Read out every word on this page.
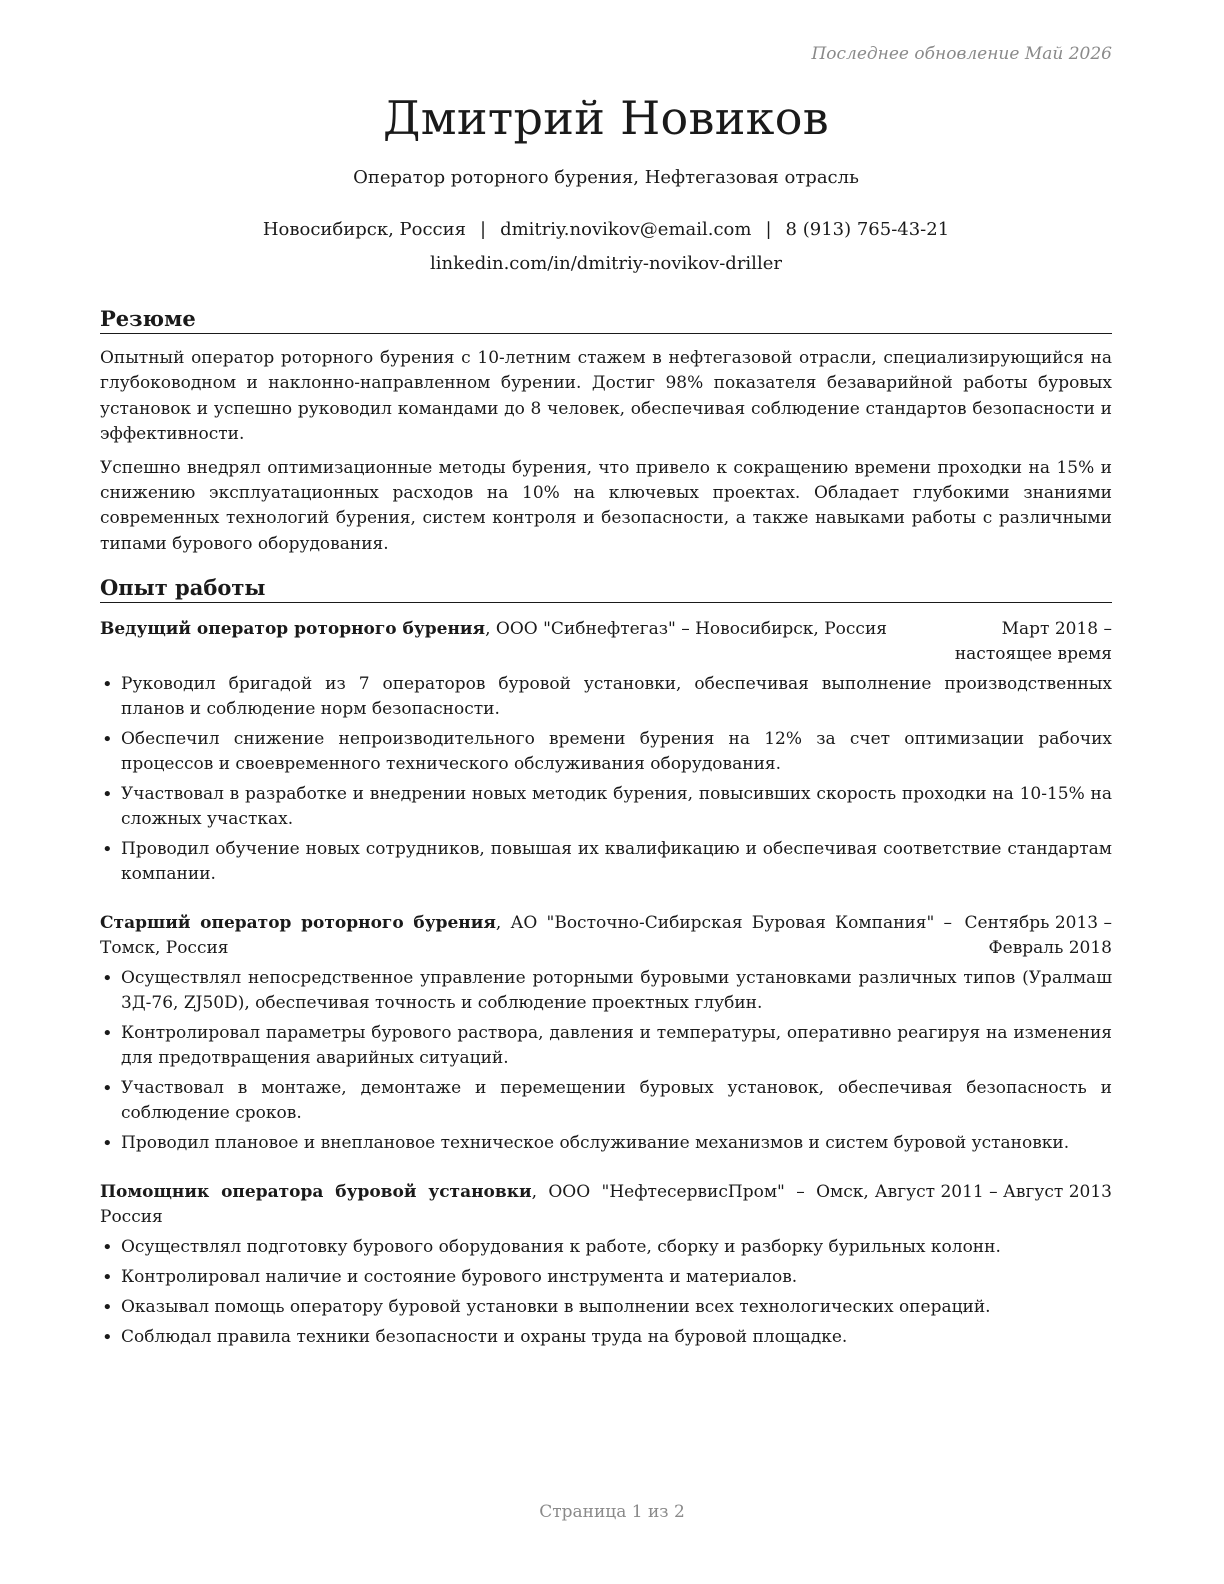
Последнее обновление Май 2026
Дмитрий Новиков
Оператор роторного бурения, Нефтегазовая отрасль
Новосибирск, Россия | dmitriy.novikov@email.com | 8 (913) 765-43-21
linkedin.com/in/dmitriy-novikov-driller
Резюме

Опытный оператор роторного бурения с 10-летним стажем в нефтегазовой отрасли, специализирующийся на глубоководном и наклонно-направленном бурении. Достиг 98% показателя безаварийной работы буровых установок и успешно руководил командами до 8 человек, обеспечивая соблюдение стандартов безопасности и эффективности.

Успешно внедрял оптимизационные методы бурения, что привело к сокращению времени проходки на 15% и снижению эксплуатационных расходов на 10% на ключевых проектах. Обладает глубокими знаниями современных технологий бурения, систем контроля и безопасности, а также навыками работы с различными типами бурового оборудования.

Опыт работы
Ведущий оператор роторного бурения, ООО "Сибнефтегаз" – Новосибирск, Россия	Март 2018 – настоящее время
• Руководил бригадой из 7 операторов буровой установки, обеспечивая выполнение производственных планов и соблюдение норм безопасности.
• Обеспечил снижение непроизводительного времени бурения на 12% за счет оптимизации рабочих процессов и своевременного технического обслуживания оборудования.
• Участвовал в разработке и внедрении новых методик бурения, повысивших скорость проходки на 10-15% на сложных участках.
• Проводил обучение новых сотрудников, повышая их квалификацию и обеспечивая соответствие стандартам компании.
Старший оператор роторного бурения, АО "Восточно-Сибирская Буровая Компания" – Томск, Россия
Сентябрь 2013 – Февраль 2018
• Осуществлял непосредственное управление роторными буровыми установками различных типов (Уралмаш 3Д-76, ZJ50D), обеспечивая точность и соблюдение проектных глубин.
• Контролировал параметры бурового раствора, давления и температуры, оперативно реагируя на изменения для предотвращения аварийных ситуаций.
• Участвовал в монтаже, демонтаже и перемещении буровых установок, обеспечивая безопасность и соблюдение сроков.
• Проводил плановое и внеплановое техническое обслуживание механизмов и систем буровой установки.
Помощник оператора буровой установки, ООО "НефтесервисПром" – Омск, Россия
Август 2011 – Август 2013
• Осуществлял подготовку бурового оборудования к работе, сборку и разборку бурильных колонн.
• Контролировал наличие и состояние бурового инструмента и материалов.
• Оказывал помощь оператору буровой установки в выполнении всех технологических операций.
• Соблюдал правила техники безопасности и охраны труда на буровой площадке.
Страница 1 из 2
